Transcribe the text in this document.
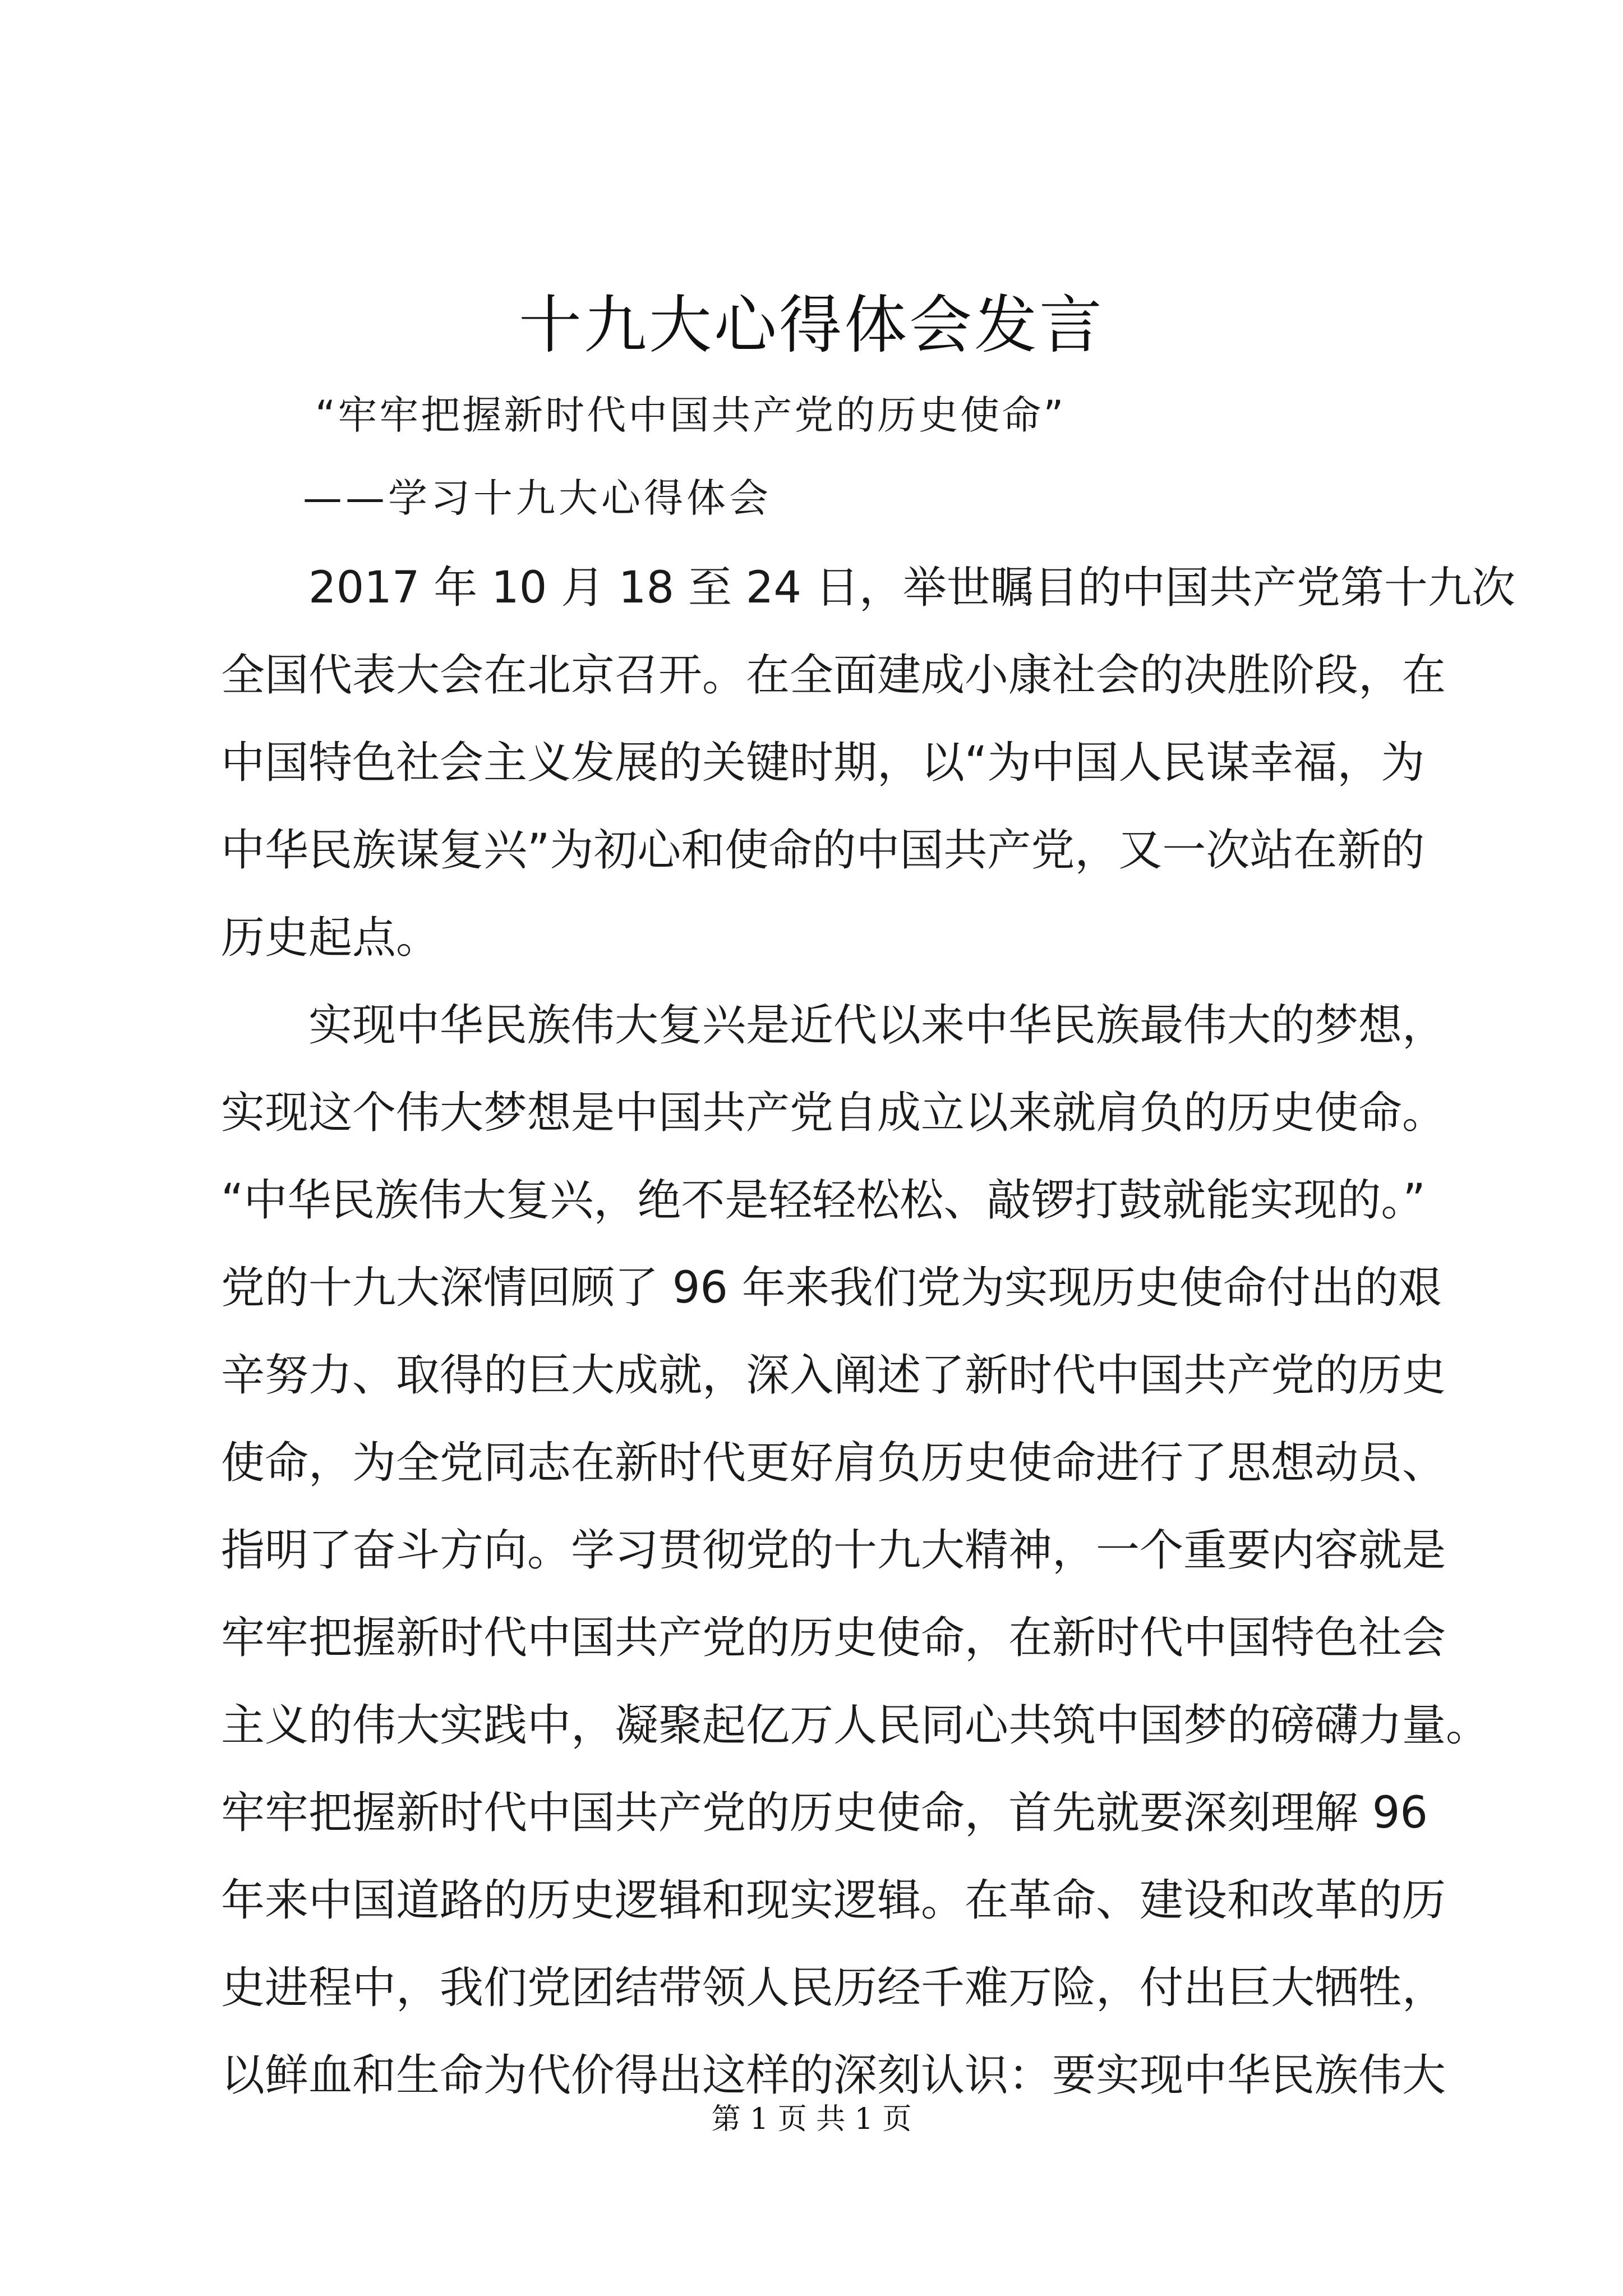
十九大心得体会发言
“牢牢把握新时代中国共产党的历史使命”
——学习十九大心得体会
2017 年 10 月 18 至 24 日，举世瞩目的中国共产党第十九次
全国代表大会在北京召开。在全面建成小康社会的决胜阶段，在
中国特色社会主义发展的关键时期，以“为中国人民谋幸福，为
中华民族谋复兴”为初心和使命的中国共产党，又一次站在新的
历史起点。
实现中华民族伟大复兴是近代以来中华民族最伟大的梦想，
实现这个伟大梦想是中国共产党自成立以来就肩负的历史使命。
“中华民族伟大复兴，绝不是轻轻松松、敲锣打鼓就能实现的。”
党的十九大深情回顾了 96 年来我们党为实现历史使命付出的艰
辛努力、取得的巨大成就，深入阐述了新时代中国共产党的历史
使命，为全党同志在新时代更好肩负历史使命进行了思想动员、
指明了奋斗方向。学习贯彻党的十九大精神，一个重要内容就是
牢牢把握新时代中国共产党的历史使命，在新时代中国特色社会
主义的伟大实践中，凝聚起亿万人民同心共筑中国梦的磅礴力量。
牢牢把握新时代中国共产党的历史使命，首先就要深刻理解 96
年来中国道路的历史逻辑和现实逻辑。在革命、建设和改革的历
史进程中，我们党团结带领人民历经千难万险，付出巨大牺牲，
以鲜血和生命为代价得出这样的深刻认识：要实现中华民族伟大
第 1 页 共 1 页
